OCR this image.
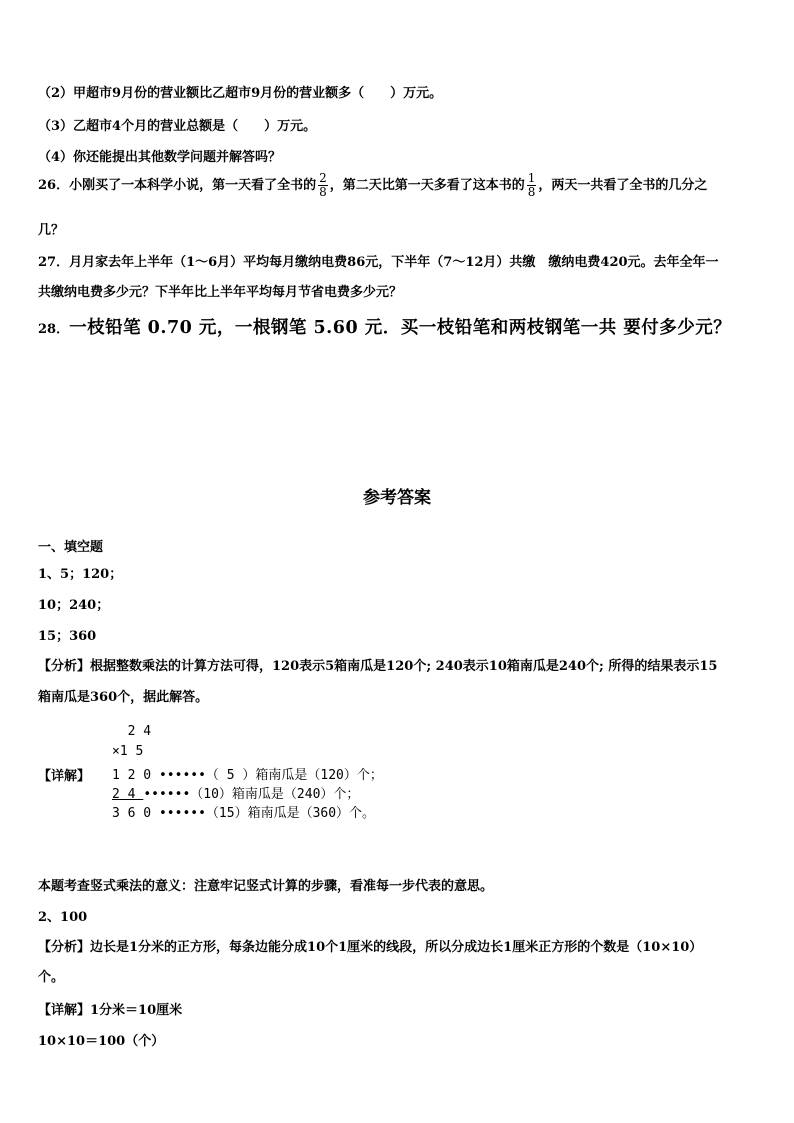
（2）甲超市9月份的营业额比乙超市9月份的营业额多（　　）万元。
（3）乙超市4个月的营业总额是（　　）万元。
（4）你还能提出其他数学问题并解答吗？
26．小刚买了一本科学小说，第一天看了全书的 $\frac{2}{8}$ ，第二天比第一天多看了这本书的 $\frac{1}{8}$ ，两天一共看了全书的几分之
几？
27．月月家去年上半年（1～6月）平均每月缴纳电费86元，下半年（7～12月）共缴　缴纳电费420元。去年全年一
共缴纳电费多少元？下半年比上半年平均每月节省电费多少元？
28．一枝铅笔 0.70 元，一根钢笔 5.60 元．买一枝铅笔和两枝钢笔一共 要付多少元？
参考答案
一、填空题
1、5；120；
10；240；
15；360
【分析】根据整数乘法的计算方法可得，120表示5箱南瓜是120个; 240表示10箱南瓜是240个; 所得的结果表示15
箱南瓜是360个，据此解答。
【详解】
2 4
×1 5
1 2 0 ••••••（ 5 ）箱南瓜是（120）个；
2 4 ••••••（10）箱南瓜是（240）个；
3 6 0 ••••••（15）箱南瓜是（360）个。
本题考查竖式乘法的意义：注意牢记竖式计算的步骤，看准每一步代表的意思。
2、100
【分析】边长是1分米的正方形，每条边能分成10个1厘米的线段，所以分成边长1厘米正方形的个数是（10×10）
个。
【详解】1分米＝10厘米
10×10＝100（个）
